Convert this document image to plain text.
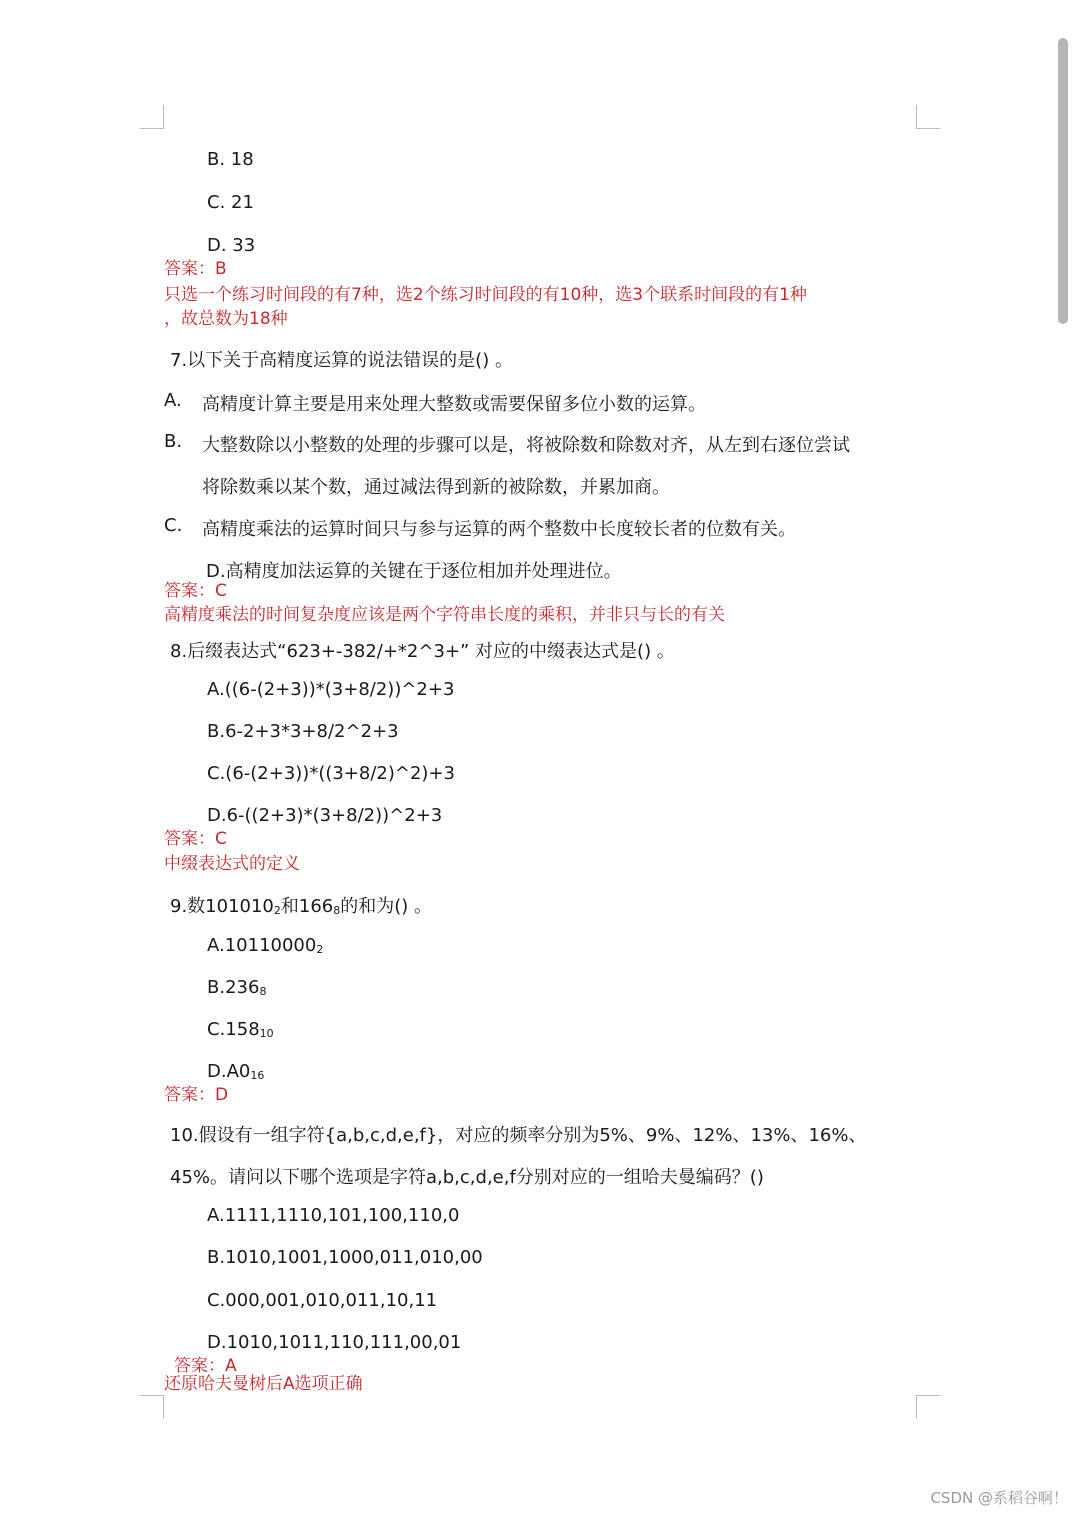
B. 18
C. 21
D. 33
答案：B
只选一个练习时间段的有7种，选2个练习时间段的有10种，选3个联系时间段的有1种
，故总数为18种
7.以下关于高精度运算的说法错误的是() 。
A. 高精度计算主要是用来处理大整数或需要保留多位小数的运算。
B. 大整数除以小整数的处理的步骤可以是，将被除数和除数对齐，从左到右逐位尝试
将除数乘以某个数，通过减法得到新的被除数，并累加商。
C. 高精度乘法的运算时间只与参与运算的两个整数中长度较长者的位数有关。
D.高精度加法运算的关键在于逐位相加并处理进位。
答案：C
高精度乘法的时间复杂度应该是两个字符串长度的乘积，并非只与长的有关
8.后缀表达式“623+-382/+*2^3+” 对应的中缀表达式是() 。
A.((6-(2+3))*(3+8/2))^2+3
B.6-2+3*3+8/2^2+3
C.(6-(2+3))*((3+8/2)^2)+3
D.6-((2+3)*(3+8/2))^2+3
答案：C
中缀表达式的定义
9.数$101010_2$和$166_8$的和为() 。
$A.10110000_2$
$B.236_8$
$C.158_{10}$
$D.A0_{16}$
答案：D
10.假设有一组字符{a,b,c,d,e,f}，对应的频率分别为5%、9%、12%、13%、16%、
45%。请问以下哪个选项是字符a,b,c,d,e,f分别对应的一组哈夫曼编码？()
A.1111,1110,101,100,110,0
B.1010,1001,1000,011,010,00
C.000,001,010,011,10,11
D.1010,1011,110,111,00,01
答案：A
还原哈夫曼树后A选项正确
CSDN @系稻谷啊！
